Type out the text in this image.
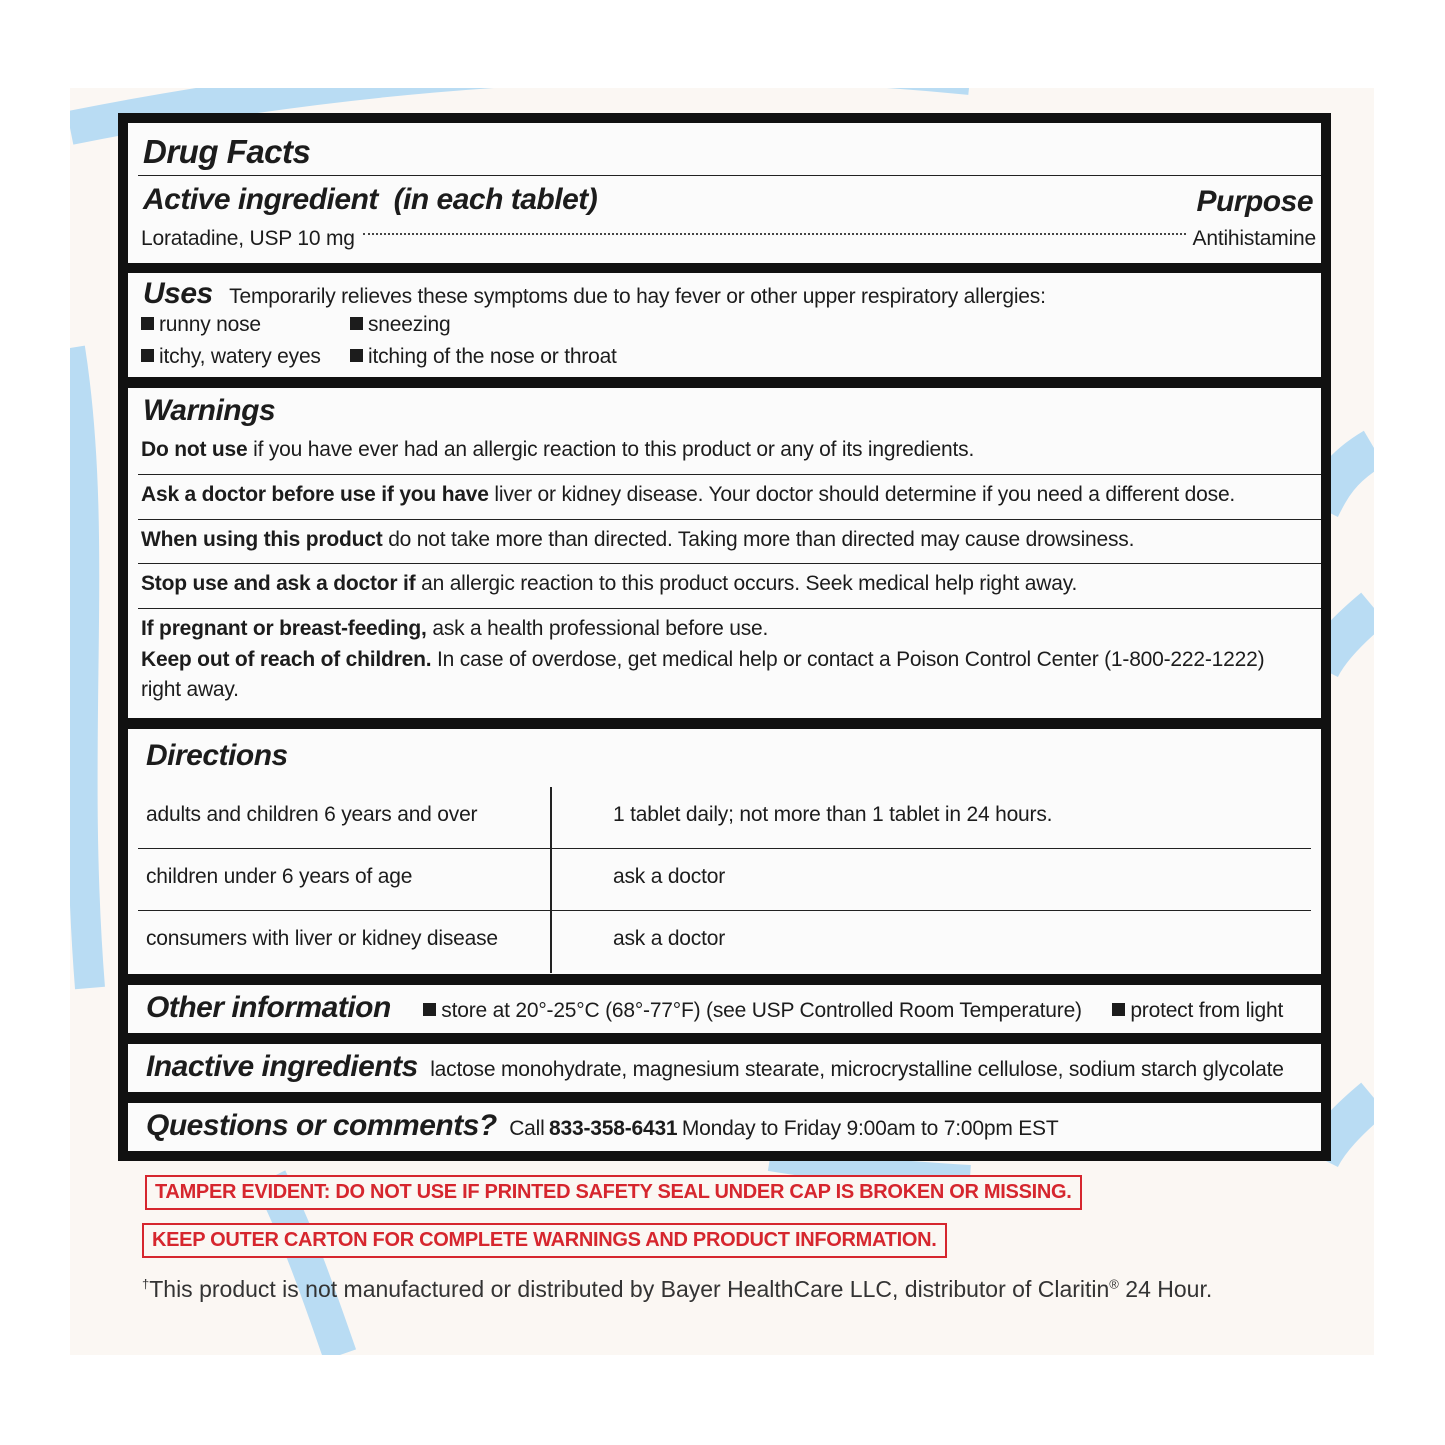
Drug Facts
Active ingredient (in each tablet)	Purpose
Loratadine, USP 10 mg	Antihistamine
Uses Temporarily relieves these symptoms due to hay fever or other upper respiratory allergies:
runny nose	sneezing
itchy, watery eyes	itching of the nose or throat
Warnings
Do not use if you have ever had an allergic reaction to this product or any of its ingredients.
Ask a doctor before use if you have liver or kidney disease. Your doctor should determine if you need a different dose.
When using this product do not take more than directed. Taking more than directed may cause drowsiness.
Stop use and ask a doctor if an allergic reaction to this product occurs. Seek medical help right away.
If pregnant or breast-feeding, ask a health professional before use.
Keep out of reach of children. In case of overdose, get medical help or contact a Poison Control Center (1-800-222-1222)
right away.
Directions
adults and children 6 years and over	1 tablet daily; not more than 1 tablet in 24 hours.
children under 6 years of age	ask a doctor
consumers with liver or kidney disease	ask a doctor
Other information store at 20°-25°C (68°-77°F) (see USP Controlled Room Temperature) protect from light
Inactive ingredients lactose monohydrate, magnesium stearate, microcrystalline cellulose, sodium starch glycolate
Questions or comments? Call 833-358-6431 Monday to Friday 9:00am to 7:00pm EST
TAMPER EVIDENT: DO NOT USE IF PRINTED SAFETY SEAL UNDER CAP IS BROKEN OR MISSING.
KEEP OUTER CARTON FOR COMPLETE WARNINGS AND PRODUCT INFORMATION.
†This product is not manufactured or distributed by Bayer HealthCare LLC, distributor of Claritin® 24 Hour.
